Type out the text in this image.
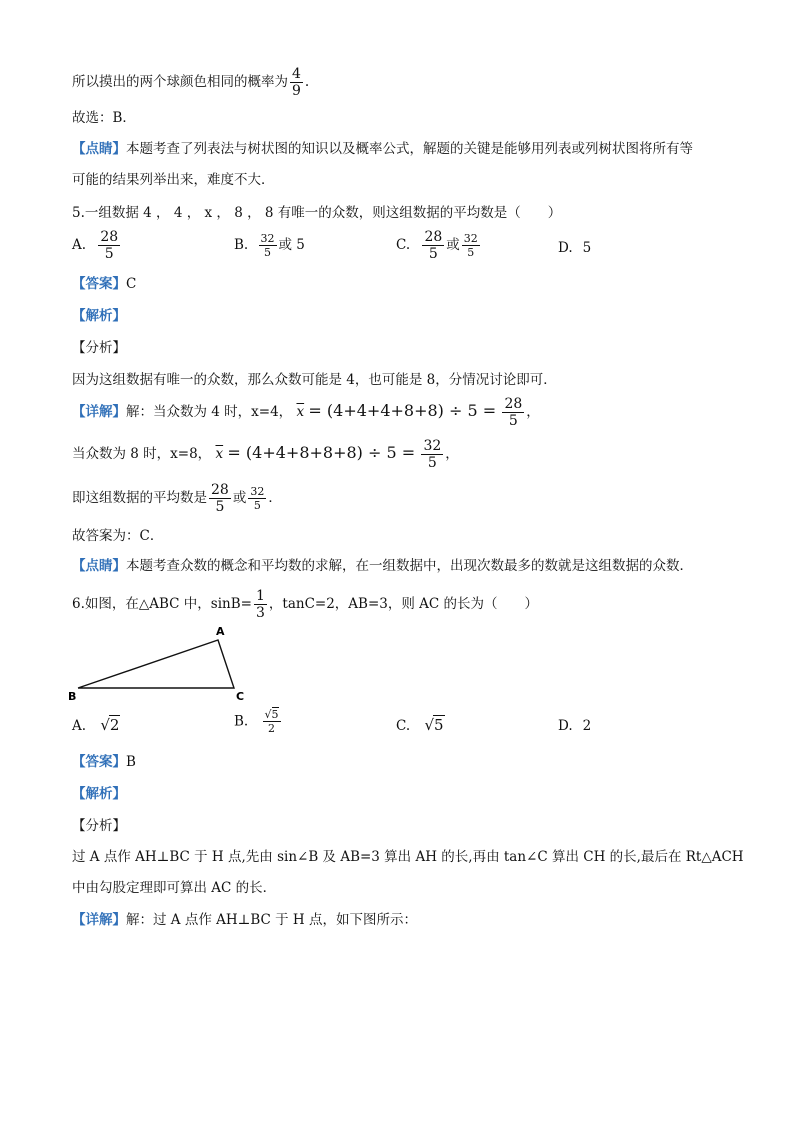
所以摸出的两个球颜色相同的概率为 $\frac{4}{9}$ .
故选：B．
【点睛】本题考查了列表法与树状图的知识以及概率公式，解题的关键是能够用列表或列树状图将所有等
可能的结果列举出来，难度不大．
5.一组数据 4 ， 4 ， x ， 8 ， 8 有唯一的众数，则这组数据的平均数是（　　）
A. $\frac{28}{5}$	B. $\frac{32}{5}$ 或 5	C. $\frac{28}{5}$ 或 $\frac{32}{5}$	D. 5
【答案】C
【解析】
【分析】
因为这组数据有唯一的众数，那么众数可能是 4，也可能是 8，分情况讨论即可．
【详解】解：当众数为 4 时，x=4， $\overline{x} = (4+4+4+8+8) \div 5 = \frac{28}{5}$ ，
当众数为 8 时，x=8， $\overline{x} = (4+4+8+8+8) \div 5 = \frac{32}{5}$ ，
即这组数据的平均数是 $\frac{28}{5}$ 或 $\frac{32}{5}$ ．
故答案为：C．
【点睛】本题考查众数的概念和平均数的求解，在一组数据中，出现次数最多的数就是这组数据的众数．
6.如图，在△ABC 中，$\sin B= \frac{1}{3}$ ，tanC=2，AB=3，则 AC 的长为（　　）
A
B	C
A. √2	B. $\frac{√5}{2}$	C. √5	D. 2
【答案】B
【解析】
【分析】
过 A 点作 AH⊥BC 于 H 点,先由 sin∠B 及 AB=3 算出 AH 的长,再由 tan∠C 算出 CH 的长,最后在 Rt△ACH
中由勾股定理即可算出 AC 的长．
【详解】解：过 A 点作 AH⊥BC 于 H 点，如下图所示：
